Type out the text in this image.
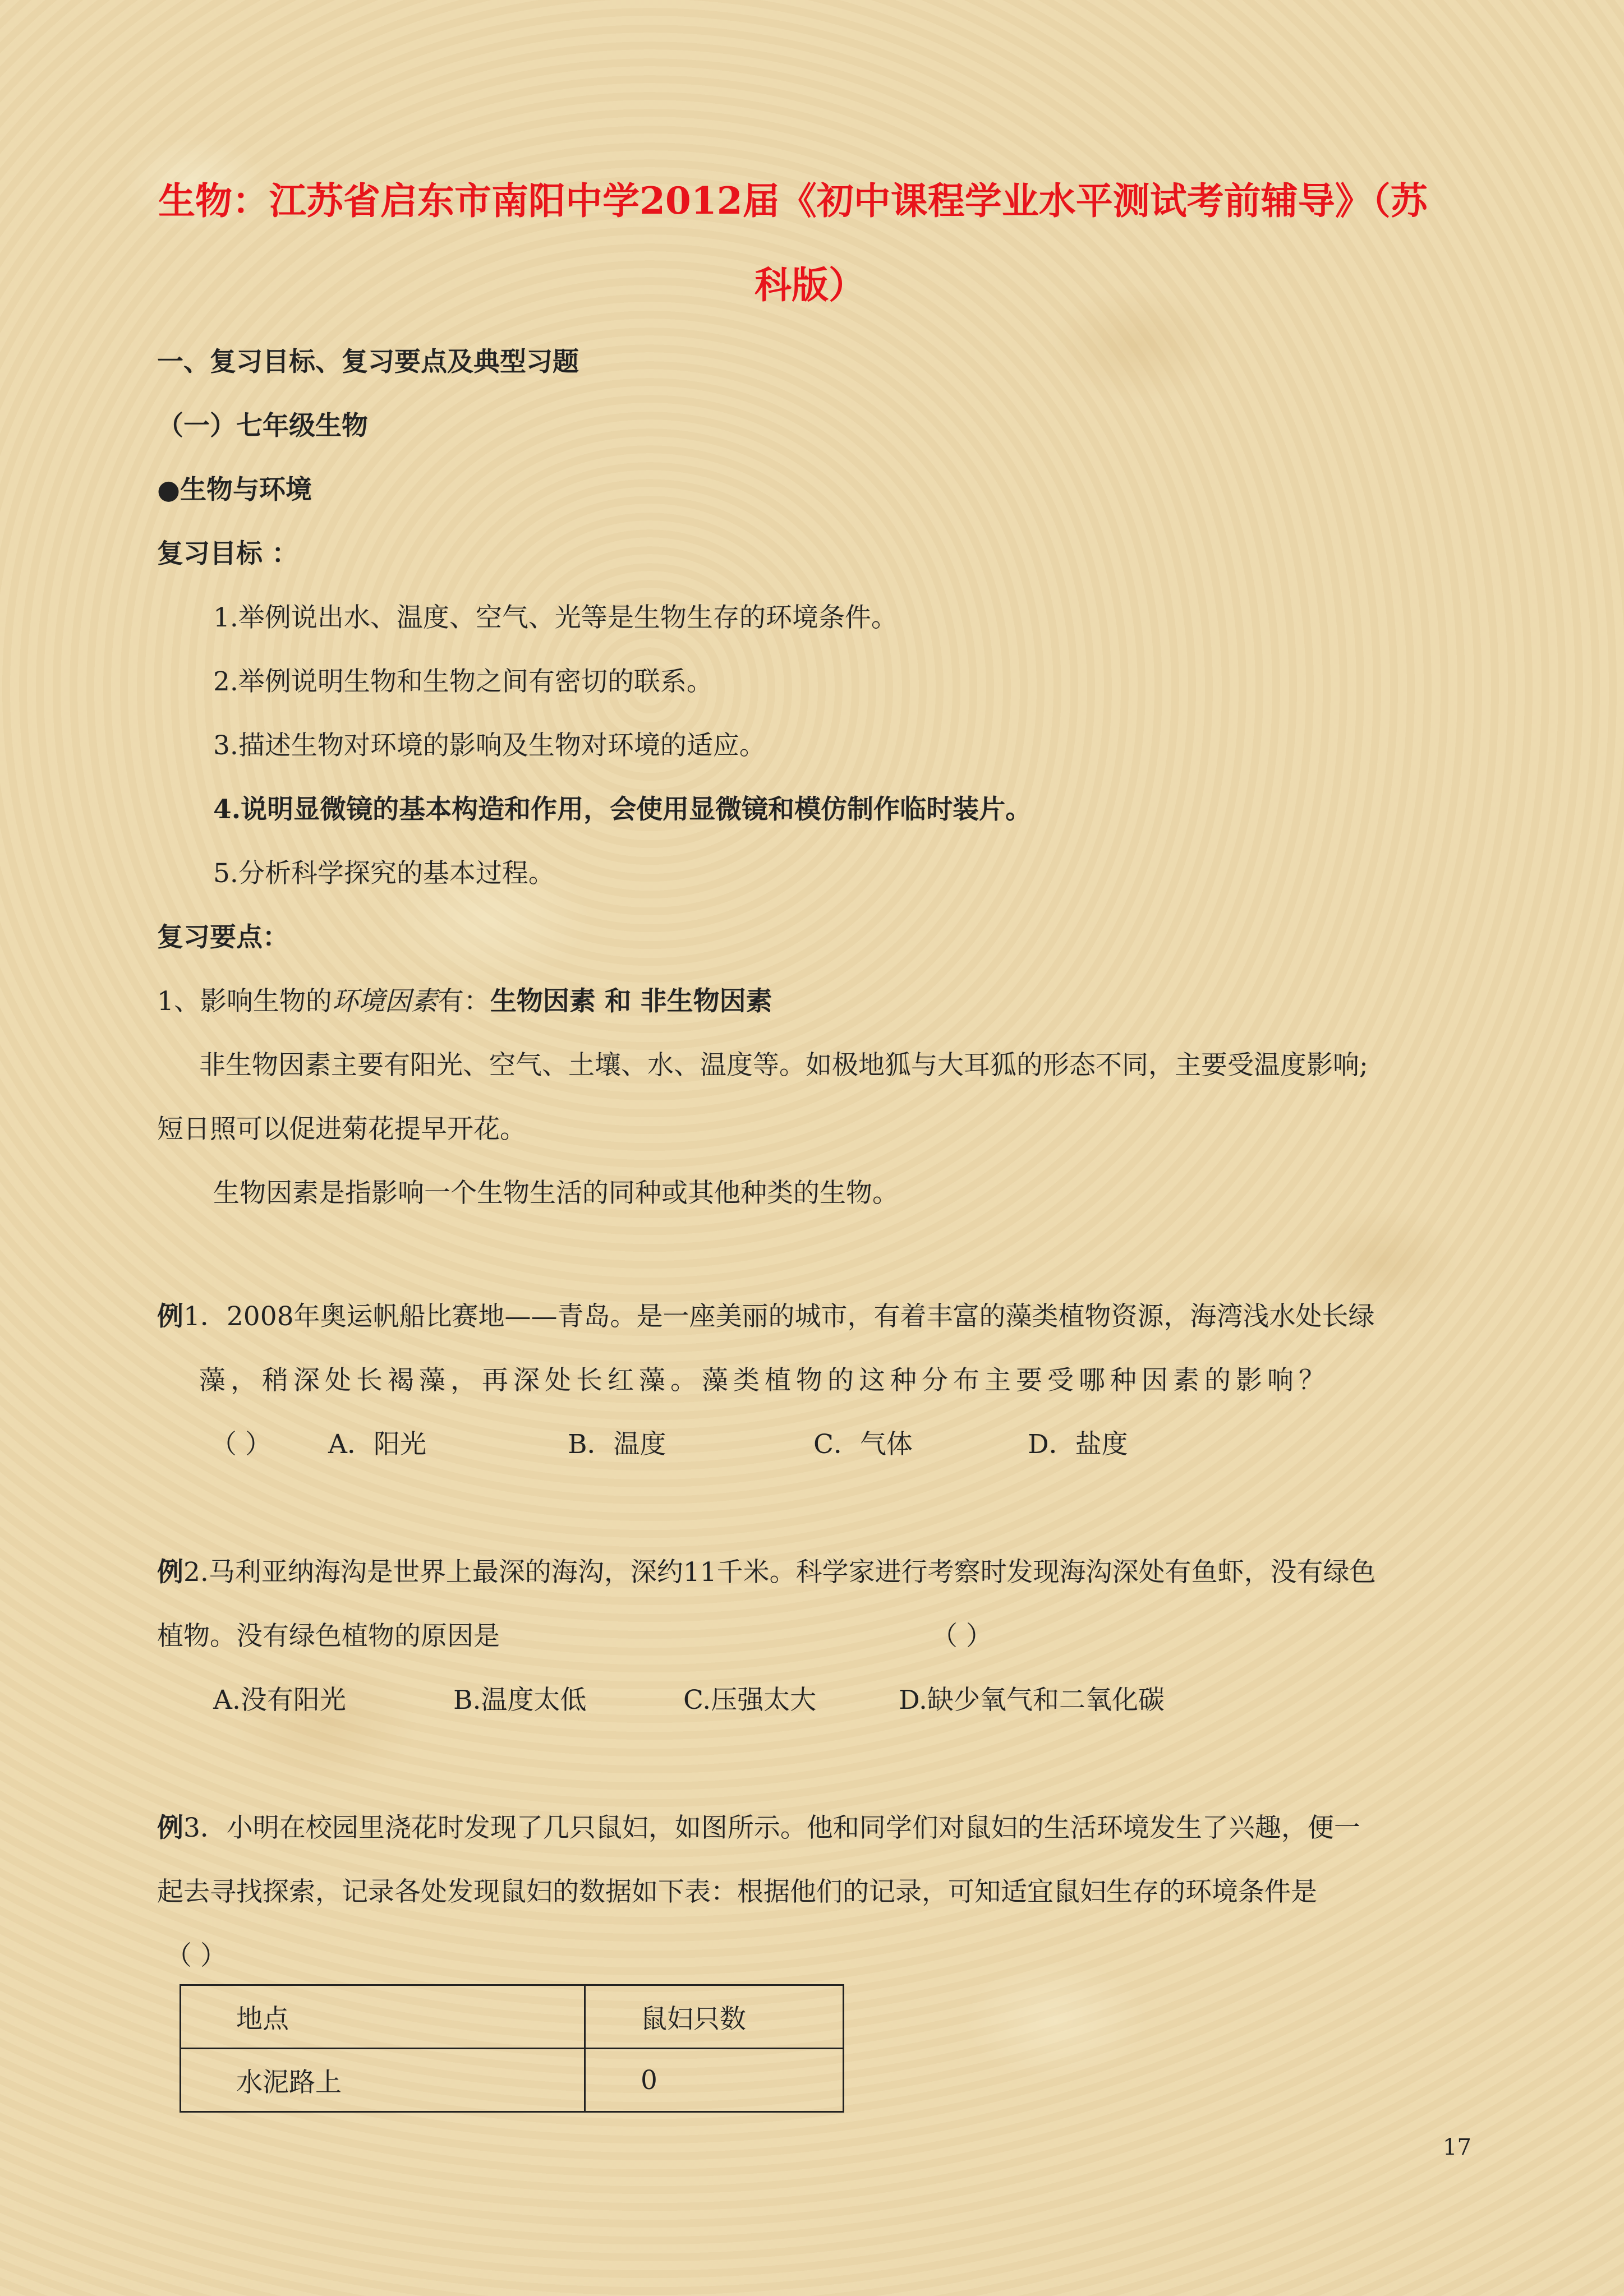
生物：江苏省启东市南阳中学2012届《初中课程学业水平测试考前辅导》（苏
科版）
一、复习目标、复习要点及典型习题
（一）七年级生物
●生物与环境
复习目标 ：
1.举例说出水、温度、空气、光等是生物生存的环境条件。
2.举例说明生物和生物之间有密切的联系。
3.描述生物对环境的影响及生物对环境的适应。
4.说明显微镜的基本构造和作用，会使用显微镜和模仿制作临时装片。
5.分析科学探究的基本过程。
复习要点：
1、影响生物的环境因素有：生物因素 和 非生物因素
非生物因素主要有阳光、空气、土壤、水、温度等。如极地狐与大耳狐的形态不同，主要受温度影响;
短日照可以促进菊花提早开花。
生物因素是指影响一个生物生活的同种或其他种类的生物。
例1．2008年奥运帆船比赛地——青岛。是一座美丽的城市，有着丰富的藻类植物资源，海湾浅水处长绿
藻，稍深处长褐藻，再深处长红藻。藻类植物的这种分布主要受哪种因素的影响？
（ ） A．阳光	B．温度	C．气体	D．盐度
例2.马利亚纳海沟是世界上最深的海沟，深约11千米。科学家进行考察时发现海沟深处有鱼虾，没有绿色
植物。没有绿色植物的原因是	（ ）
A.没有阳光	B.温度太低	C.压强太大	D.缺少氧气和二氧化碳
例3．小明在校园里浇花时发现了几只鼠妇，如图所示。他和同学们对鼠妇的生活环境发生了兴趣，便一
起去寻找探索，记录各处发现鼠妇的数据如下表：根据他们的记录，可知适宜鼠妇生存的环境条件是
（ ）
地点	鼠妇只数
水泥路上	0
17
